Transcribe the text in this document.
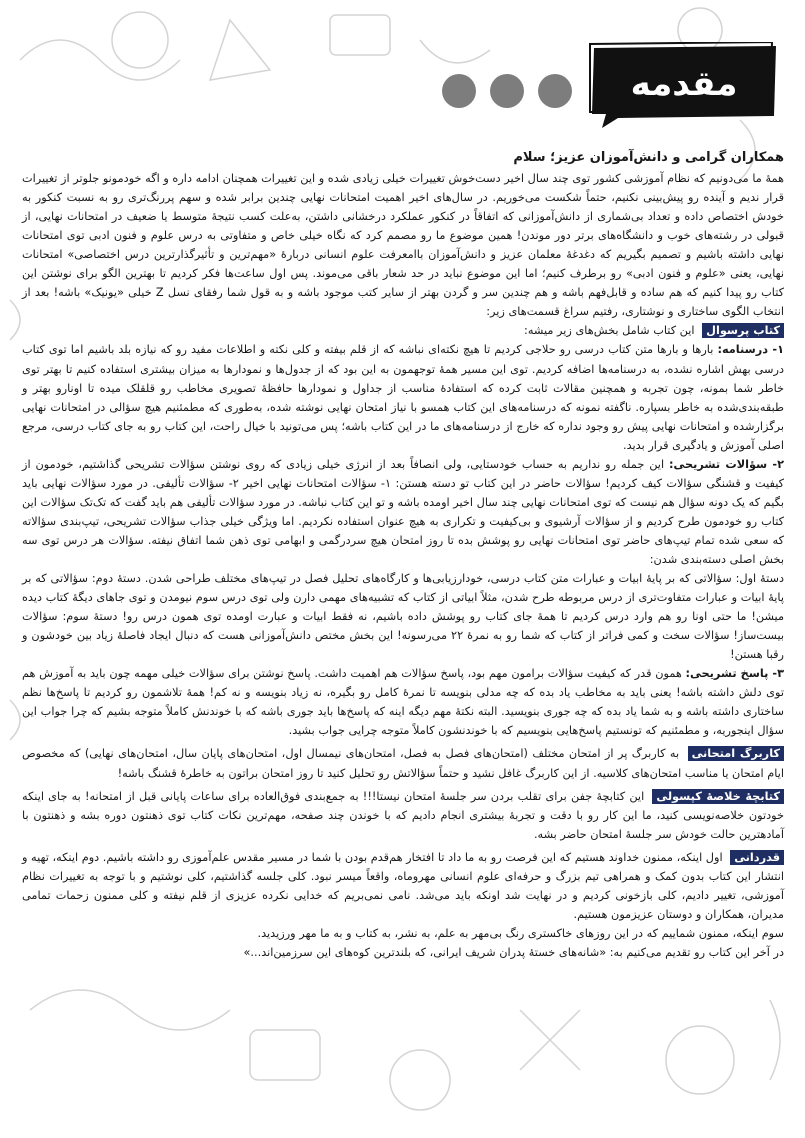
مقدمه
همکاران گرامی و دانش‌آموزان عزیز؛ سلام

همهٔ ما می‌دونیم که نظام آموزشی کشور توی چند سال اخیر دست‌خوش تغییرات خیلی زیادی شده و این تغییرات همچنان ادامه داره و اگه خودمونو جلوتر از تغییرات قرار ندیم و آینده رو پیش‌بینی نکنیم، حتماً شکست می‌خوریم. در سال‌های اخیر اهمیت امتحانات نهایی چندین برابر شده و سهم پررنگ‌تری رو به نسبت کنکور به خودش اختصاص داده و تعداد بی‌شماری از دانش‌آموزانی که اتفاقاً در کنکور عملکرد درخشانی داشتن، به‌علت کسب نتیجهٔ متوسط یا ضعیف در امتحانات نهایی، از قبولی در رشته‌های خوب و دانشگاه‌های برتر دور موندن! همین موضوع ما رو مصمم کرد که نگاه خیلی خاص و متفاوتی به درس علوم و فنون ادبی توی امتحانات نهایی داشته باشیم و تصمیم بگیریم که دغدغهٔ معلمان عزیز و دانش‌آموزان باامعرفت علوم انسانی دربارهٔ «مهم‌ترین و تأثیرگذارترین درس اختصاصی» امتحانات نهایی، یعنی «علوم و فنون ادبی» رو برطرف کنیم؛ اما این موضوع نباید در حد شعار باقی می‌موند. پس اول ساعت‌ها فکر کردیم تا بهترین الگو برای نوشتن این کتاب رو پیدا کنیم که هم ساده و قابل‌فهم باشه و هم چندین سر و گردن بهتر از سایر کتب موجود باشه و به قول شما رفقای نسل Z خیلی «یونیک» باشه! بعد از انتخاب الگوی ساختاری و نوشتاری، رفتیم سراغ قسمت‌های زیر:

کتاب پرسوال این کتاب شامل بخش‌های زیر میشه:

۱- درسنامه: بارها و بارها متن کتاب درسی رو حلاجی کردیم تا هیچ نکته‌ای نباشه که از قلم بیفته و کلی نکته و اطلاعات مفید رو که نیازه بلد باشیم اما توی کتاب درسی بهش اشاره نشده، به درسنامه‌ها اضافه کردیم. توی این مسیر همهٔ توجهمون به این بود که از جدول‌ها و نمودارها به میزان بیشتری استفاده کنیم تا بهتر توی خاطر شما بمونه، چون تجربه و همچنین مقالات ثابت کرده که استفادهٔ مناسب از جداول و نمودارها حافظهٔ تصویری مخاطب رو قلقلک میده تا اونارو بهتر و طبقه‌بندی‌شده به خاطر بسپاره. ناگفته نمونه که درسنامه‌های این کتاب همسو با نیاز امتحان نهایی نوشته شده، به‌طوری که مطمئنیم هیچ سؤالی در امتحانات نهایی برگزارشده و امتحانات نهایی پیش رو وجود نداره که خارج از درسنامه‌های ما در این کتاب باشه؛ پس می‌تونید با خیال راحت، این کتاب رو به جای کتاب درسی، مرجع اصلی آموزش و یادگیری قرار بدید.

۲- سؤالات تشریحی: این جمله رو نداریم به حساب خودستایی، ولی انصافاً بعد از انرژی خیلی زیادی که روی نوشتن سؤالات تشریحی گذاشتیم، خودمون از کیفیت و قشنگی سؤالات کیف کردیم! سؤالات حاضر در این کتاب تو دسته هستن: ۱- سؤالات امتحانات نهایی اخیر ۲- سؤالات تألیفی. در مورد سؤالات نهایی باید بگیم که یک دونه سؤال هم نیست که توی امتحانات نهایی چند سال اخیر اومده باشه و تو این کتاب نباشه. در مورد سؤالات تألیفی هم باید گفت که تک‌تک سؤالات این کتاب رو خودمون طرح کردیم و از سؤالات آرشیوی و بی‌کیفیت و تکراری به هیچ عنوان استفاده نکردیم. اما ویژگی خیلی جذاب سؤالات تشریحی، تیپ‌بندی سؤالاته که سعی شده تمام تیپ‌های حاضر توی امتحانات نهایی رو پوشش بده تا روز امتحان هیچ سردرگمی و ابهامی توی ذهن شما اتفاق نیفته. سؤالات هر درس توی سه بخش اصلی دسته‌بندی شدن:

دستهٔ اول: سؤالاتی که بر پایهٔ ابیات و عبارات متن کتاب درسی، خودارزیابی‌ها و کارگاه‌های تحلیل فصل در تیپ‌های مختلف طراحی شدن. دستهٔ دوم: سؤالاتی که بر پایهٔ ابیات و عبارات متفاوت‌تری از درس مربوطه طرح شدن، مثلاً ابیاتی از کتاب که تشبیه‌های مهمی دارن ولی توی درس سوم نیومدن و توی جاهای دیگهٔ کتاب دیده میشن! ما حتی اونا رو هم وارد درس کردیم تا همهٔ جای کتاب رو پوشش داده باشیم، نه فقط ابیات و عبارت اومده توی همون درس رو! دستهٔ سوم: سؤالات بیست‌ساز! سؤالات سخت و کمی فراتر از کتاب که شما رو به نمرهٔ ۲۲ می‌رسونه! این بخش مختص دانش‌آموزانی هست که دنبال ایجاد فاصلهٔ زیاد بین خودشون و رقبا هستن!

۳- پاسخ تشریحی: همون قدر که کیفیت سؤالات برامون مهم بود، پاسخ سؤالات هم اهمیت داشت. پاسخ نوشتن برای سؤالات خیلی مهمه چون باید به آموزش هم توی دلش داشته باشه! یعنی باید به مخاطب یاد بده که چه مدلی بنویسه تا نمرهٔ کامل رو بگیره، نه زیاد بنویسه و نه کم! همهٔ تلاشمون رو کردیم تا پاسخ‌ها نظم ساختاری داشته باشه و به شما یاد بده که چه جوری بنویسید. البته نکتهٔ مهم دیگه اینه که پاسخ‌ها باید جوری باشه که با خوندنش کاملاً متوجه بشیم که چرا جواب این سؤال اینجوریه، و مطمئنیم که تونستیم پاسخ‌هایی بنویسیم که با خوندنشون کاملاً متوجه چرایی جواب بشید.

کاربرگ امتحانی به کاربرگ پر از امتحان مختلف (امتحان‌های فصل به فصل، امتحان‌های نیمسال اول، امتحان‌های پایان سال، امتحان‌های نهایی) که مخصوص ایام امتحان یا مناسب امتحان‌های کلاسیه. از این کاربرگ غافل نشید و حتماً سؤالاتش رو تحلیل کنید تا روز امتحان براتون به خاطرهٔ قشنگ باشه!

کتابچهٔ خلاصهٔ کپسولی این کتابچهٔ جفن برای تقلب بردن سر جلسهٔ امتحان نیستا!!! به جمع‌بندی فوق‌العاده برای ساعات پایانی قبل از امتحانه! به جای اینکه خودتون خلاصه‌نویسی کنید، ما این کار رو با دقت و تجربهٔ بیشتری انجام دادیم که با خوندن چند صفحه، مهم‌ترین نکات کتاب توی ذهنتون دوره بشه و ذهنتون با آمادهترین حالت خودش سر جلسهٔ امتحان حاضر بشه.

قدردانی اول اینکه، ممنون خداوند هستیم که این فرصت رو به ما داد تا افتخار هم‌قدم بودن با شما در مسیر مقدس علم‌آموزی رو داشته باشیم. دوم اینکه، تهیه و انتشار این کتاب بدون کمک و همراهی تیم بزرگ و حرفه‌ای علوم انسانی مهروماه، واقعاً میسر نبود. کلی جلسه گذاشتیم، کلی نوشتیم و با توجه به تغییرات نظام آموزشی، تغییر دادیم، کلی بازخونی کردیم و در نهایت شد اونکه باید می‌شد. نامی نمی‌بریم که خدایی نکرده عزیزی از قلم نیفته و کلی ممنون زحمات تمامی مدیران، همکاران و دوستان عزیزمون هستیم.

سوم اینکه، ممنون شماییم که در این روزهای خاکستری رنگ بی‌مهر به علم، به نشر، به کتاب و به ما مهر ورزیدید.

در آخر این کتاب رو تقدیم می‌کنیم به: «شانه‌های خستهٔ پدران شریف ایرانی، که بلندترین کوه‌های این سرزمین‌اند...»
